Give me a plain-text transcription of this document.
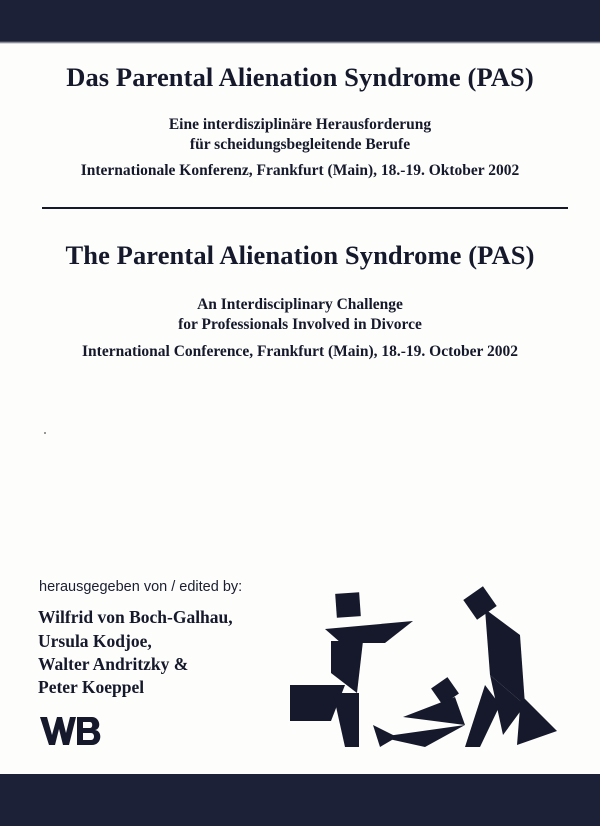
Das Parental Alienation Syndrome (PAS)
Eine interdisziplinäre Herausforderung
für scheidungsbegleitende Berufe
Internationale Konferenz, Frankfurt (Main), 18.-19. Oktober 2002
The Parental Alienation Syndrome (PAS)
An Interdisciplinary Challenge
for Professionals Involved in Divorce
International Conference, Frankfurt (Main), 18.-19. October 2002
herausgegeben von / edited by:
Wilfrid von Boch-Galhau,
Ursula Kodjoe,
Walter Andritzky &
Peter Koeppel
